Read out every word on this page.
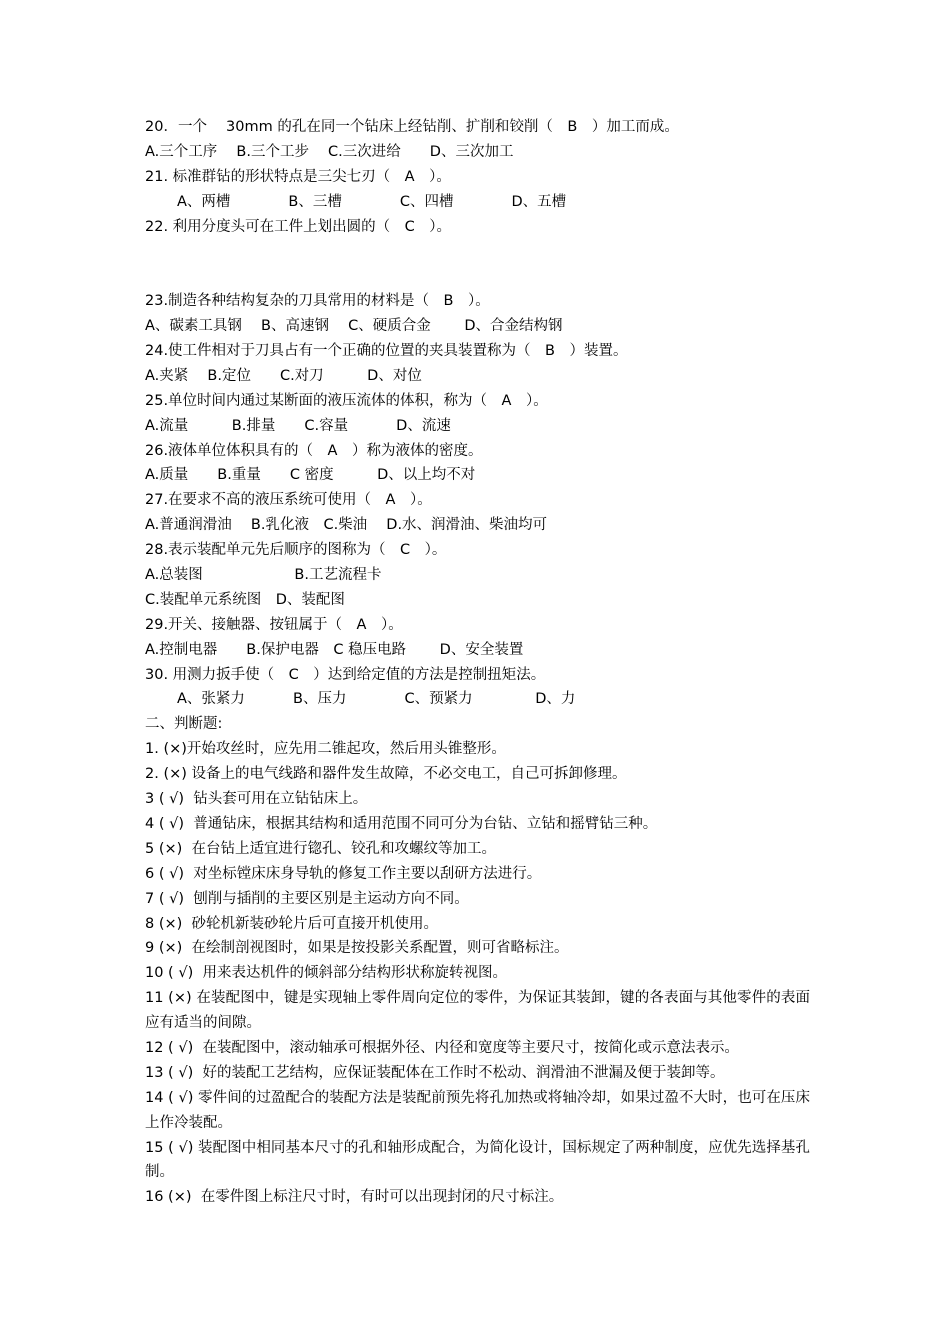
20．一个　 30mm 的孔在同一个钻床上经钻削、扩削和铰削（　B　）加工而成。
A.三个工序　 B.三个工步　 C.三次进给　　D、三次加工
21. 标准群钻的形状特点是三尖七刃（　A　）。
A、两槽　　　　B、三槽　　　　C、四槽　　　　D、五槽
22. 利用分度头可在工件上划出圆的（　C　）。

23.制造各种结构复杂的刀具常用的材料是（　B　）。
A、碳素工具钢　 B、高速钢　 C、硬质合金　　 D、合金结构钢
24.使工件相对于刀具占有一个正确的位置的夹具装置称为（　B　）装置。
A.夹紧　 B.定位　　C.对刀　　　D、对位
25.单位时间内通过某断面的液压流体的体积，称为（　A　）。
A.流量　　　B.排量　　C.容量　　　 D、流速
26.液体单位体积具有的（　A　）称为液体的密度。
A.质量　　B.重量　　C 密度　　　D、以上均不对
27.在要求不高的液压系统可使用（　A　）。
A.普通润滑油　 B.乳化液　C.柴油　 D.水、润滑油、柴油均可
28.表示装配单元先后顺序的图称为（　C　）。
A.总装图　　　　　　 B.工艺流程卡
C.装配单元系统图　D、装配图
29.开关、接触器、按钮属于（　A　）。
A.控制电器　　B.保护电器　C 稳压电路　　 D、安全装置
30. 用测力扳手使（　C　）达到给定值的方法是控制扭矩法。
A、张紧力　　　 B、压力　　　　C、预紧力　　　　 D、力
二、判断题:
1. (×)开始攻丝时，应先用二锥起攻，然后用头锥整形。
2. (×) 设备上的电气线路和器件发生故障，不必交电工，自己可拆卸修理。
3 ( √)  钻头套可用在立钻钻床上。
4 ( √)  普通钻床，根据其结构和适用范围不同可分为台钻、立钻和摇臂钻三种。
5 (×)  在台钻上适宜进行锪孔、铰孔和攻螺纹等加工。
6 ( √)  对坐标镗床床身导轨的修复工作主要以刮研方法进行。
7 ( √)  刨削与插削的主要区别是主运动方向不同。
8 (×)  砂轮机新装砂轮片后可直接开机使用。
9 (×)  在绘制剖视图时，如果是按投影关系配置，则可省略标注。
10 ( √)  用来表达机件的倾斜部分结构形状称旋转视图。
11 (×) 在装配图中，键是实现轴上零件周向定位的零件，为保证其装卸，键的各表面与其他零件的表面应有适当的间隙。
12 ( √)  在装配图中，滚动轴承可根据外径、内径和宽度等主要尺寸，按简化或示意法表示。
13 ( √)  好的装配工艺结构，应保证装配体在工作时不松动、润滑油不泄漏及便于装卸等。
14 ( √) 零件间的过盈配合的装配方法是装配前预先将孔加热或将轴冷却，如果过盈不大时，也可在压床上作冷装配。
15 ( √) 装配图中相同基本尺寸的孔和轴形成配合，为简化设计，国标规定了两种制度，应优先选择基孔制。
16 (×)  在零件图上标注尺寸时，有时可以出现封闭的尺寸标注。
